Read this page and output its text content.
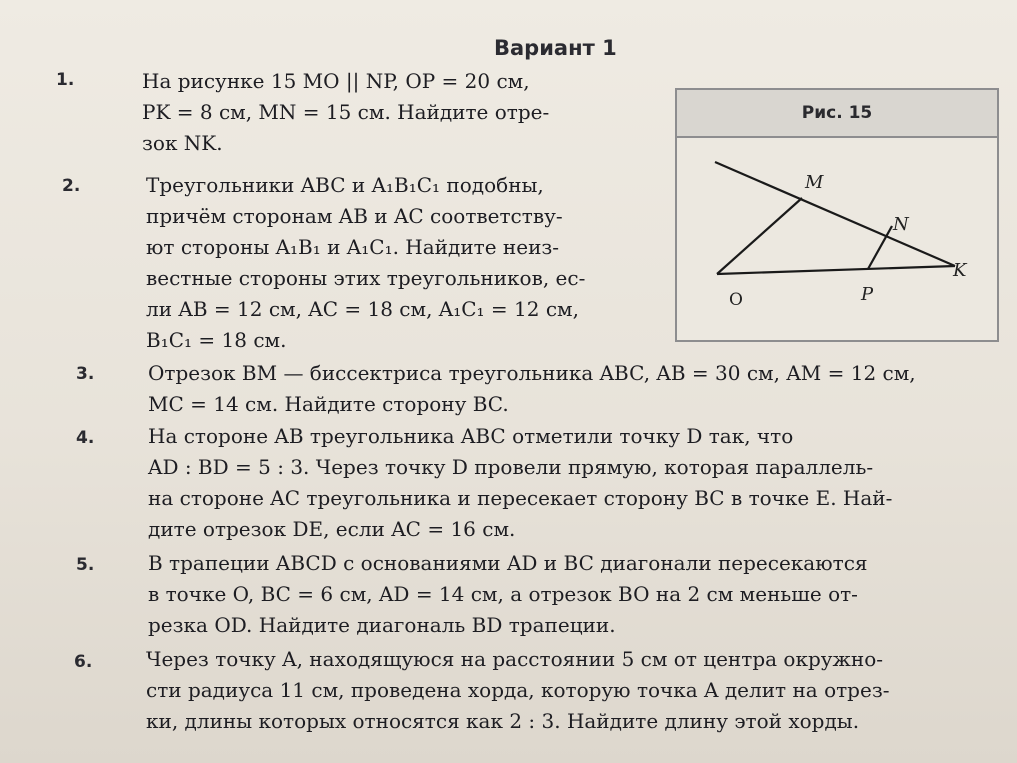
Вариант 1
1.	На рисунке 15 MO || NP, OP = 20 см,
PK = 8 см, MN = 15 см. Найдите отре-
зок NK.
2.	Треугольники ABC и A₁B₁C₁ подобны,
причём сторонам AB и AC соответству-
ют стороны A₁B₁ и A₁C₁. Найдите неиз-
вестные стороны этих треугольников, ес-
ли AB = 12 см, AC = 18 см, A₁C₁ = 12 см,
B₁C₁ = 18 см.
Рис. 15
M
N
K
O	P
3.	Отрезок BM — биссектриса треугольника ABC, AB = 30 см, AM = 12 см,
MC = 14 см. Найдите сторону BC.
4.	На стороне AB треугольника ABC отметили точку D так, что
AD : BD = 5 : 3. Через точку D провели прямую, которая параллель-
на стороне AC треугольника и пересекает сторону BC в точке E. Най-
дите отрезок DE, если AC = 16 см.
5.	В трапеции ABCD с основаниями AD и BC диагонали пересекаются
в точке O, BC = 6 см, AD = 14 см, а отрезок BO на 2 см меньше от-
резка OD. Найдите диагональ BD трапеции.
6.	Через точку A, находящуюся на расстоянии 5 см от центра окружно-
сти радиуса 11 см, проведена хорда, которую точка A делит на отрез-
ки, длины которых относятся как 2 : 3. Найдите длину этой хорды.
